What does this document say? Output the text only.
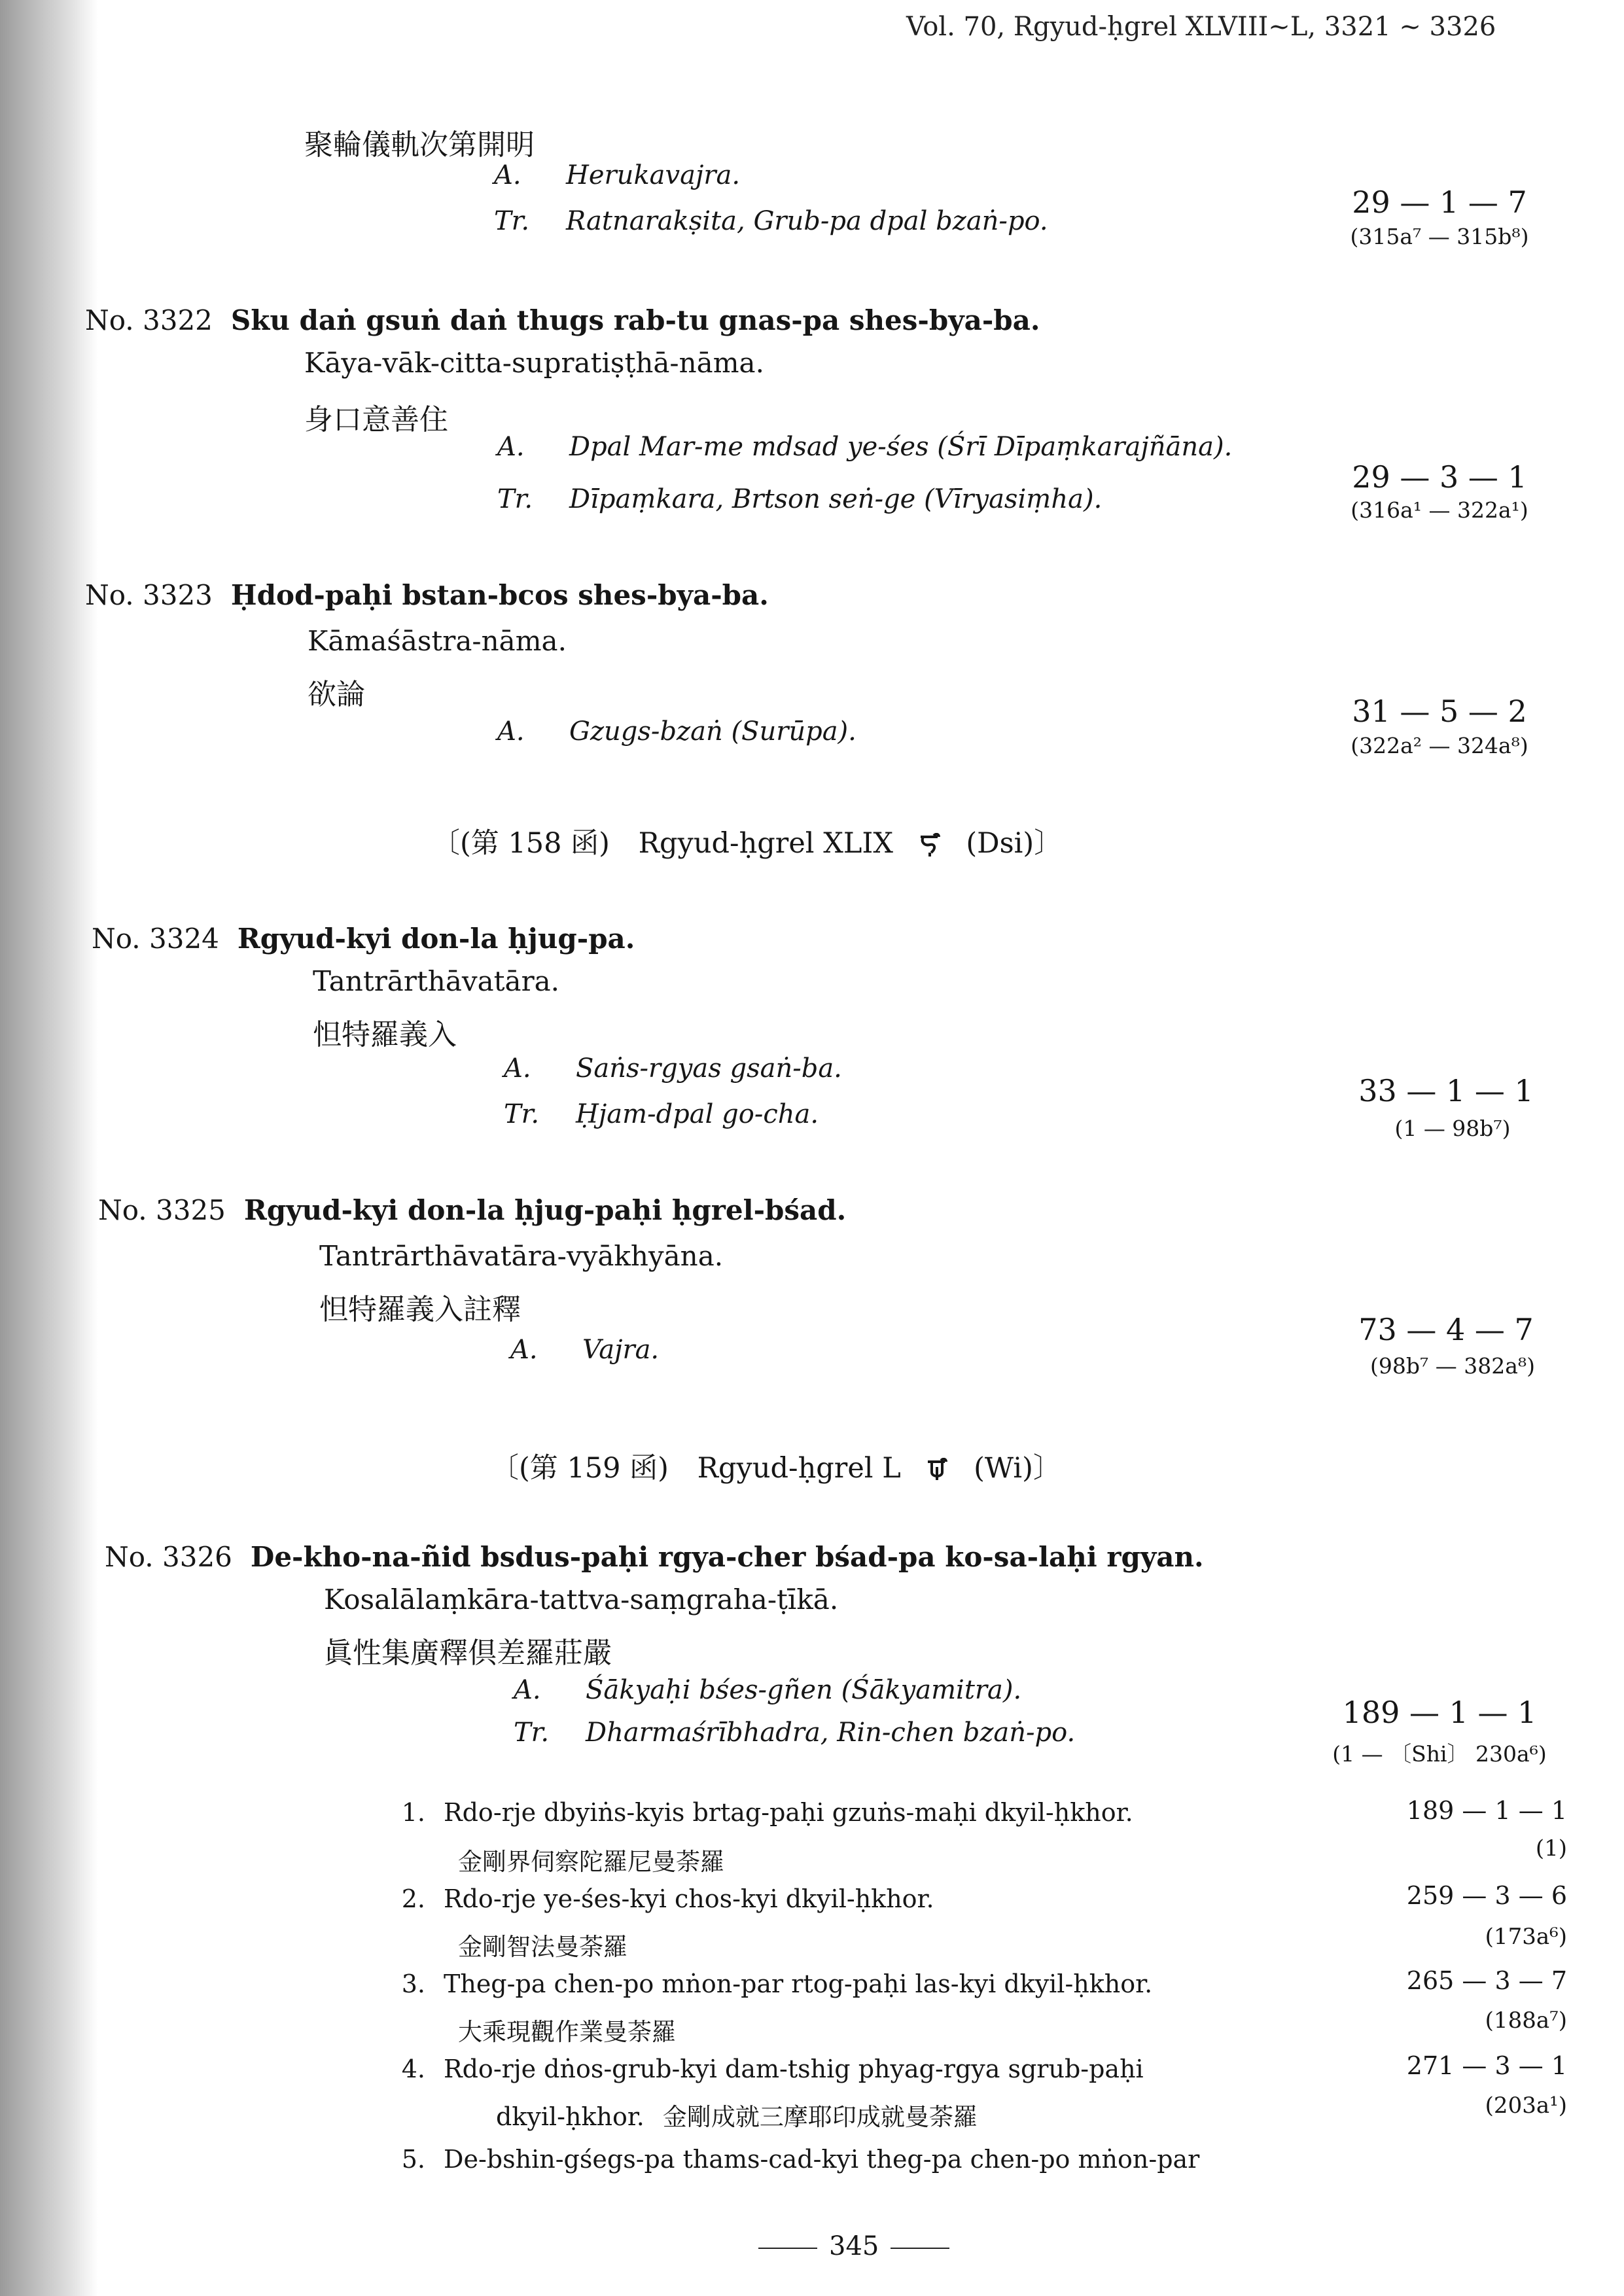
Vol. 70, Rgyud-ḥgrel XLVIII~L, 3321 ~ 3326
聚輪儀軌次第開明
A. Herukavajra.
Tr. Ratnarakṣita, Grub-pa dpal bzaṅ-po.
29 — 1 — 7
(315a⁷ — 315b⁸)
No. 3322 Sku daṅ gsuṅ daṅ thugs rab-tu gnas-pa shes-bya-ba.
Kāya-vāk-citta-supratiṣṭhā-nāma.
身口意善住
A. Dpal Mar-me mdsad ye-śes (Śrī Dīpaṃkarajñāna).
Tr. Dīpaṃkara, Brtson seṅ-ge (Vīryasiṃha).
29 — 3 — 1
(316a¹ — 322a¹)
No. 3323 Ḥdod-paḥi bstan-bcos shes-bya-ba.
Kāmaśāstra-nāma.
欲論
A. Gzugs-bzaṅ (Surūpa).
31 — 5 — 2
(322a² — 324a⁸)
〔(第 158 函) Rgyud-ḥgrel XLIX	(Dsi)〕
No. 3324 Rgyud-kyi don-la ḥjug-pa.
Tantrārthāvatāra.
怛特羅義入
A. Saṅs-rgyas gsaṅ-ba.
Tr. Ḥjam-dpal go-cha.
33 — 1 — 1
(1 — 98b⁷)
No. 3325 Rgyud-kyi don-la ḥjug-paḥi ḥgrel-bśad.
Tantrārthāvatāra-vyākhyāna.
怛特羅義入註釋
A. Vajra.
73 — 4 — 7
(98b⁷ — 382a⁸)
〔(第 159 函) Rgyud-ḥgrel L	(Wi)〕
No. 3326 De-kho-na-ñid bsdus-paḥi rgya-cher bśad-pa ko-sa-laḥi rgyan.
Kosalālaṃkāra-tattva-saṃgraha-ṭīkā.
眞性集廣釋倶差羅莊嚴
A. Śākyaḥi bśes-gñen (Śākyamitra).
Tr. Dharmaśrībhadra, Rin-chen bzaṅ-po.
189 — 1 — 1
(1 — 〔Shi〕 230a⁶)
1. Rdo-rje dbyiṅs-kyis brtag-paḥi gzuṅs-maḥi dkyil-ḥkhor.
金剛界伺察陀羅尼曼荼羅
189 — 1 — 1
(1)
2. Rdo-rje ye-śes-kyi chos-kyi dkyil-ḥkhor.
金剛智法曼荼羅
259 — 3 — 6
(173a⁶)
3. Theg-pa chen-po mṅon-par rtog-paḥi las-kyi dkyil-ḥkhor.
大乘現觀作業曼荼羅
265 — 3 — 7
(188a⁷)
4. Rdo-rje dṅos-grub-kyi dam-tshig phyag-rgya sgrub-paḥi
dkyil-ḥkhor. 金剛成就三摩耶印成就曼荼羅
271 — 3 — 1
(203a¹)
5. De-bshin-gśegs-pa thams-cad-kyi theg-pa chen-po mṅon-par
345
